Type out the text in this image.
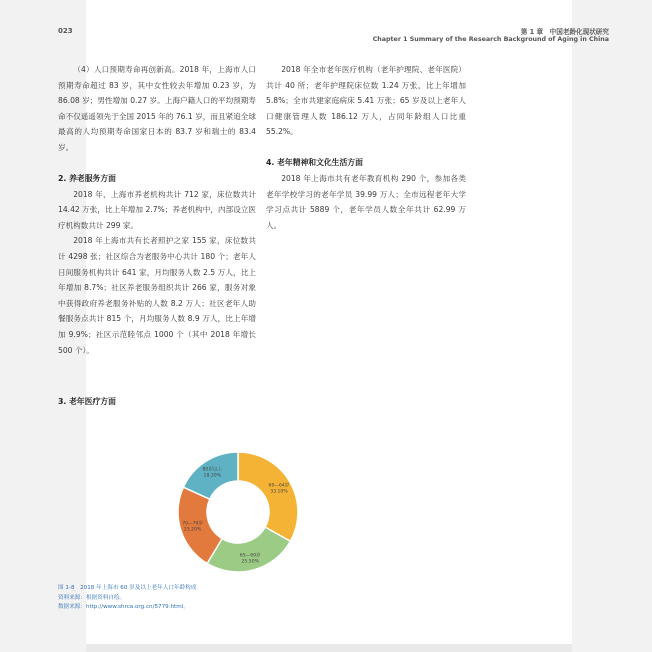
023	第 1 章　中国老龄化现状研究
Chapter 1 Summary of the Research Background of Aging in China

（4）人口预期寿命再创新高。2018 年，上海市人口预期寿命超过 83 岁，其中女性较去年增加 0.23 岁，为 86.08 岁；男性增加 0.27 岁。上海户籍人口的平均预期寿命不仅遥遥领先于全国 2015 年的 76.1 岁，而且紧追全球最高的人均预期寿命国家日本的 83.7 岁和瑞士的 83.4 岁。

2. 养老服务方面

2018 年，上海市养老机构共计 712 家，床位数共计 14.42 万张，比上年增加 2.7%；养老机构中，内部设立医疗机构数共计 299 家。

2018 年上海市共有长者照护之家 155 家，床位数共计 4298 张；社区综合为老服务中心共计 180 个；老年人日间服务机构共计 641 家，月均服务人数 2.5 万人，比上年增加 8.7%；社区养老服务组织共计 266 家，服务对象中获得政府养老服务补贴的人数 8.2 万人；社区老年人助餐服务点共计 815 个，月均服务人数 8.9 万人，比上年增加 9.9%；社区示范睦邻点 1000 个（其中 2018 年增长 500 个）。

3. 老年医疗方面

2018 年全市老年医疗机构（老年护理院、老年医院）共计 40 所；老年护理院床位数 1.24 万张，比上年增加 5.8%；全市共建家庭病床 5.41 万张；65 岁及以上老年人口健康管理人数 186.12 万人，占同年龄组人口比重 55.2%。

4. 老年精神和文化生活方面

2018 年上海市共有老年教育机构 290 个，参加各类老年学校学习的老年学员 39.99 万人；全市远程老年大学学习点共计 5889 个，老年学员人数全年共计 62.99 万人。

60—64岁
33.10%
65—69岁
25.50%
70—79岁
23.20%
80岁以上
18.20%
图 1-8　2018 年上海市 60 岁及以上老年人口年龄构成
资料来源：根据资料自绘。
数据来源：http://www.shrca.org.cn/5779.html。
